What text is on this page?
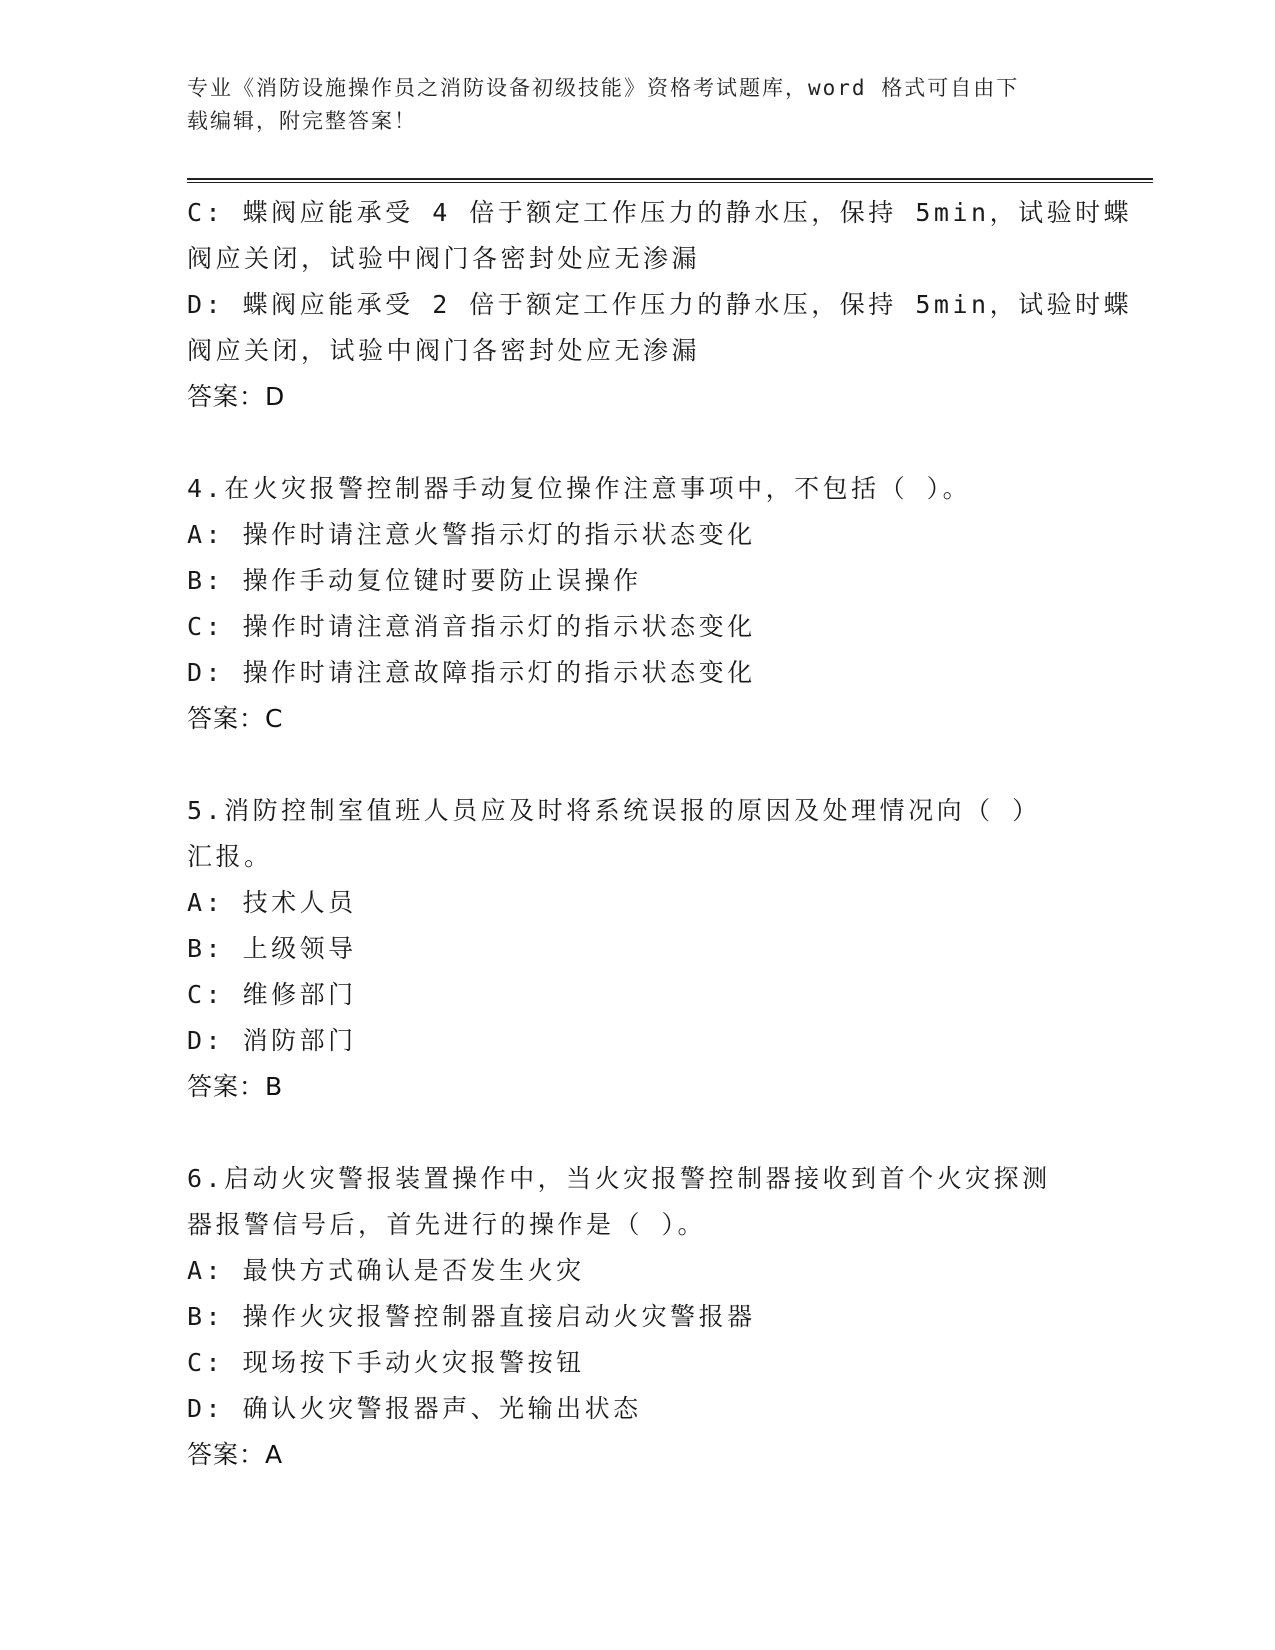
专业《消防设施操作员之消防设备初级技能》资格考试题库，word 格式可自由下
载编辑，附完整答案！
C: 蝶阀应能承受 4 倍于额定工作压力的静水压，保持 5min，试验时蝶
阀应关闭，试验中阀门各密封处应无渗漏
D: 蝶阀应能承受 2 倍于额定工作压力的静水压，保持 5min，试验时蝶
阀应关闭，试验中阀门各密封处应无渗漏
答案：D
4.在火灾报警控制器手动复位操作注意事项中，不包括（ ）。
A: 操作时请注意火警指示灯的指示状态变化
B: 操作手动复位键时要防止误操作
C: 操作时请注意消音指示灯的指示状态变化
D: 操作时请注意故障指示灯的指示状态变化
答案：C
5.消防控制室值班人员应及时将系统误报的原因及处理情况向（ ）
汇报。
A: 技术人员
B: 上级领导
C: 维修部门
D: 消防部门
答案：B
6.启动火灾警报装置操作中，当火灾报警控制器接收到首个火灾探测
器报警信号后，首先进行的操作是（ ）。
A: 最快方式确认是否发生火灾
B: 操作火灾报警控制器直接启动火灾警报器
C: 现场按下手动火灾报警按钮
D: 确认火灾警报器声、光输出状态
答案：A
